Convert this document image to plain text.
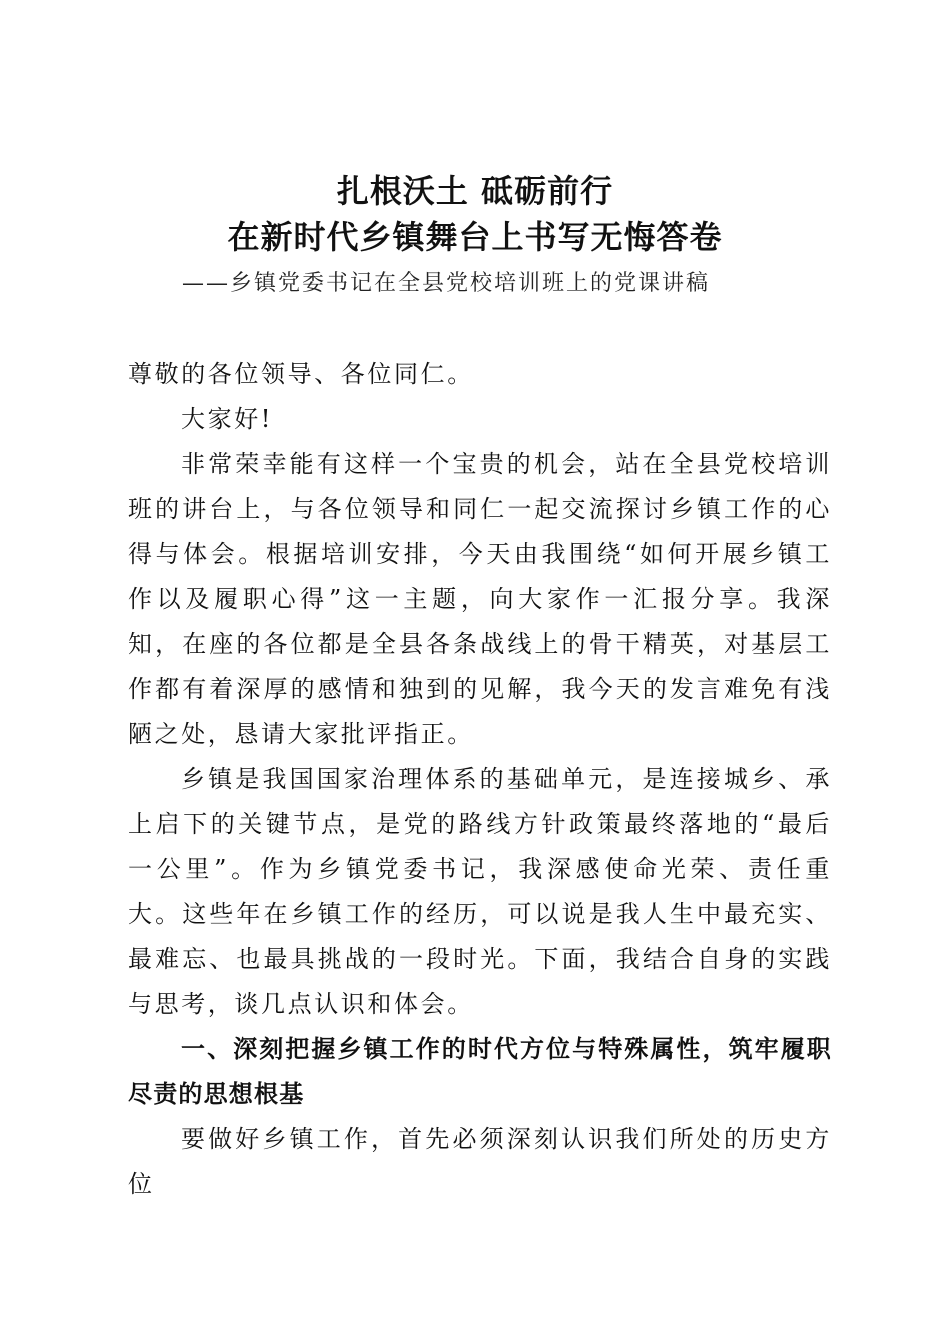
扎根沃土 砥砺前行
在新时代乡镇舞台上书写无悔答卷
——乡镇党委书记在全县党校培训班上的党课讲稿

尊敬的各位领导、各位同仁。

大家好!

非常荣幸能有这样一个宝贵的机会，站在全县党校培训班的讲台上，与各位领导和同仁一起交流探讨乡镇工作的心得与体会。根据培训安排，今天由我围绕“如何开展乡镇工作以及履职心得”这一主题，向大家作一汇报分享。我深知，在座的各位都是全县各条战线上的骨干精英，对基层工作都有着深厚的感情和独到的见解，我今天的发言难免有浅陋之处，恳请大家批评指正。

乡镇是我国国家治理体系的基础单元，是连接城乡、承上启下的关键节点，是党的路线方针政策最终落地的“最后一公里”。作为乡镇党委书记，我深感使命光荣、责任重大。这些年在乡镇工作的经历，可以说是我人生中最充实、最难忘、也最具挑战的一段时光。下面，我结合自身的实践与思考，谈几点认识和体会。

一、深刻把握乡镇工作的时代方位与特殊属性，筑牢履职尽责的思想根基

要做好乡镇工作，首先必须深刻认识我们所处的历史方位
